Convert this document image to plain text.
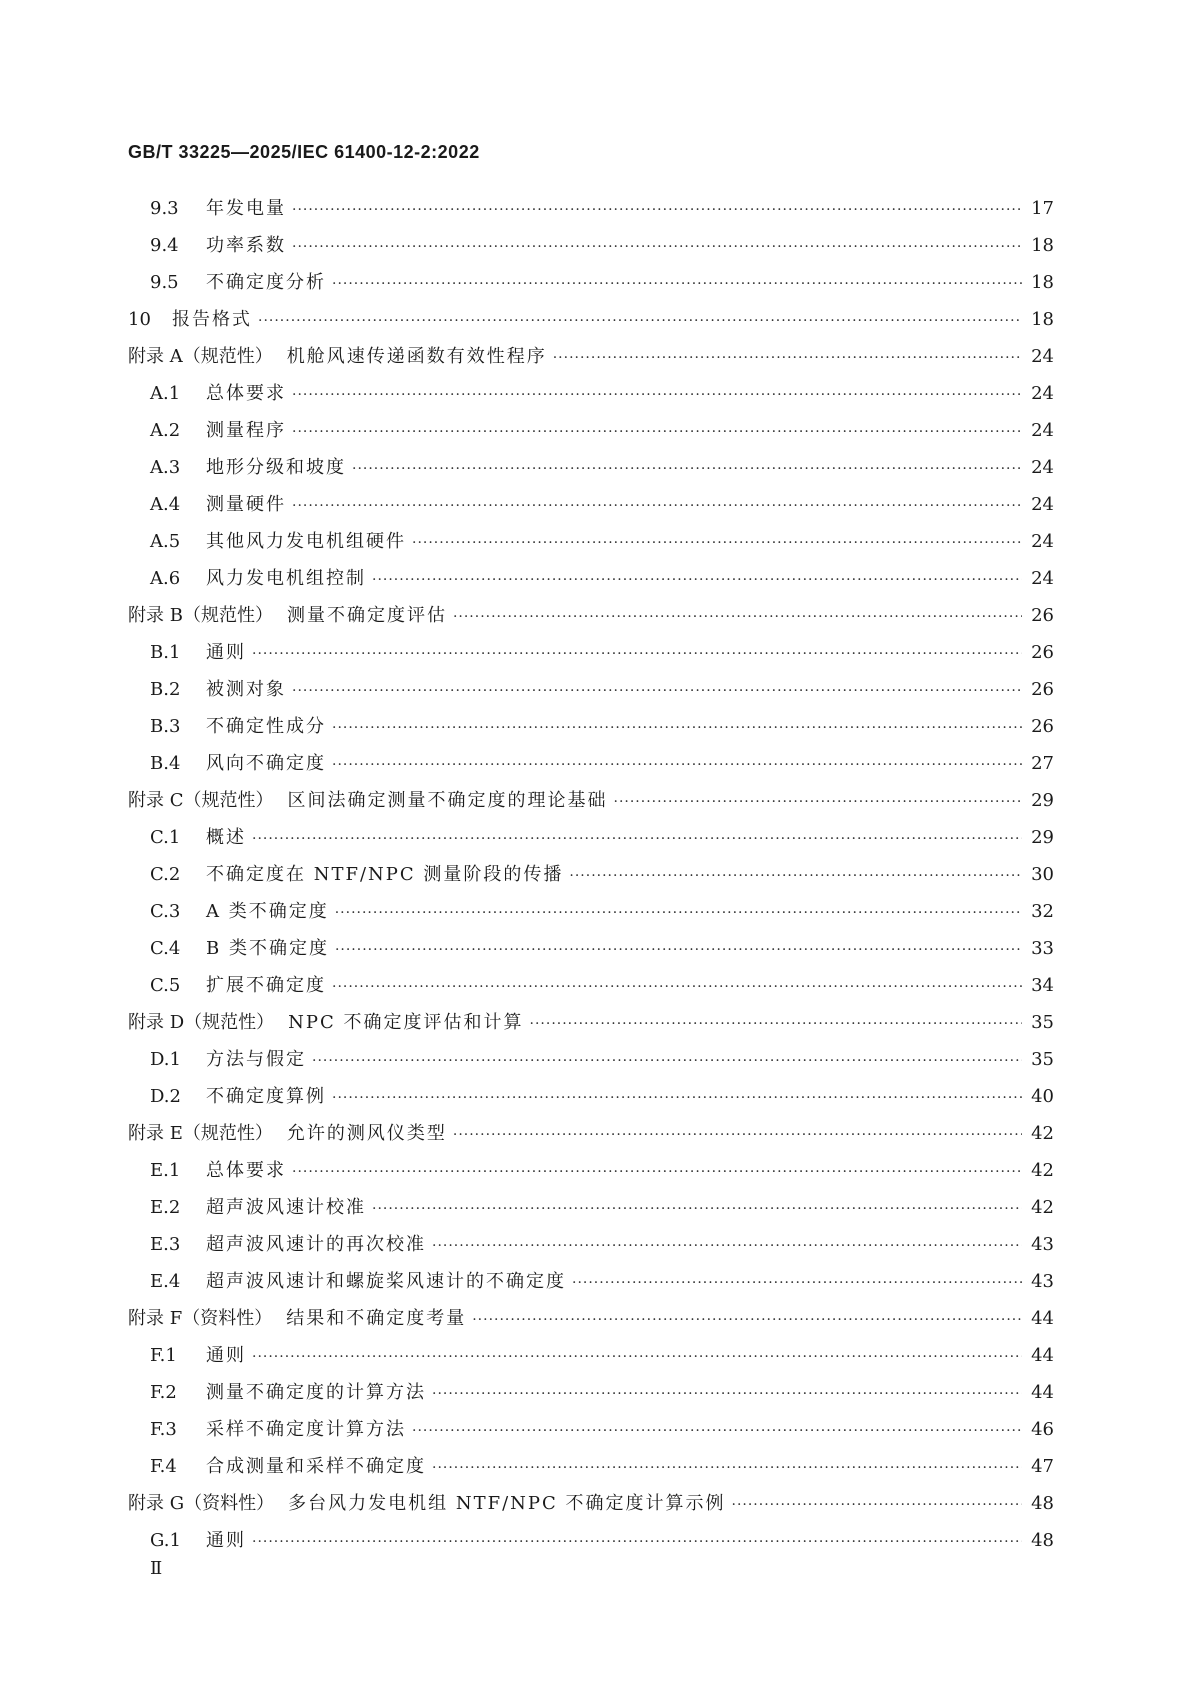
GB/T 33225—2025/IEC 61400-12-2:2022
9.3	年发电量 ·····	17
9.4	功率系数 ·····	18
9.5	不确定度分析 ·····	18
10	报告格式 ·····	18
附录 A（规范性） 机舱风速传递函数有效性程序 ·····	24
A.1	总体要求 ·····	24
A.2	测量程序 ·····	24
A.3	地形分级和坡度 ·····	24
A.4	测量硬件 ·····	24
A.5	其他风力发电机组硬件 ·····	24
A.6	风力发电机组控制 ·····	24
附录 B（规范性） 测量不确定度评估 ·····	26
B.1	通则 ·····	26
B.2	被测对象 ·····	26
B.3	不确定性成分 ·····	26
B.4	风向不确定度 ·····	27
附录 C（规范性） 区间法确定测量不确定度的理论基础 ·····	29
C.1	概述 ·····	29
C.2	不确定度在 NTF/NPC 测量阶段的传播 ·····	30
C.3	A 类不确定度 ·····	32
C.4	B 类不确定度 ·····	33
C.5	扩展不确定度 ·····	34
附录 D（规范性） NPC 不确定度评估和计算 ·····	35
D.1	方法与假定 ·····	35
D.2	不确定度算例 ·····	40
附录 E（规范性） 允许的测风仪类型 ·····	42
E.1	总体要求 ·····	42
E.2	超声波风速计校准 ·····	42
E.3	超声波风速计的再次校准 ·····	43
E.4	超声波风速计和螺旋桨风速计的不确定度 ·····	43
附录 F（资料性） 结果和不确定度考量 ·····	44
F.1	通则 ·····	44
F.2	测量不确定度的计算方法 ·····	44
F.3	采样不确定度计算方法 ·····	46
F.4	合成测量和采样不确定度 ·····	47
附录 G（资料性） 多台风力发电机组 NTF/NPC 不确定度计算示例 ·····	48
G.1	通则 ·····	48
Ⅱ
